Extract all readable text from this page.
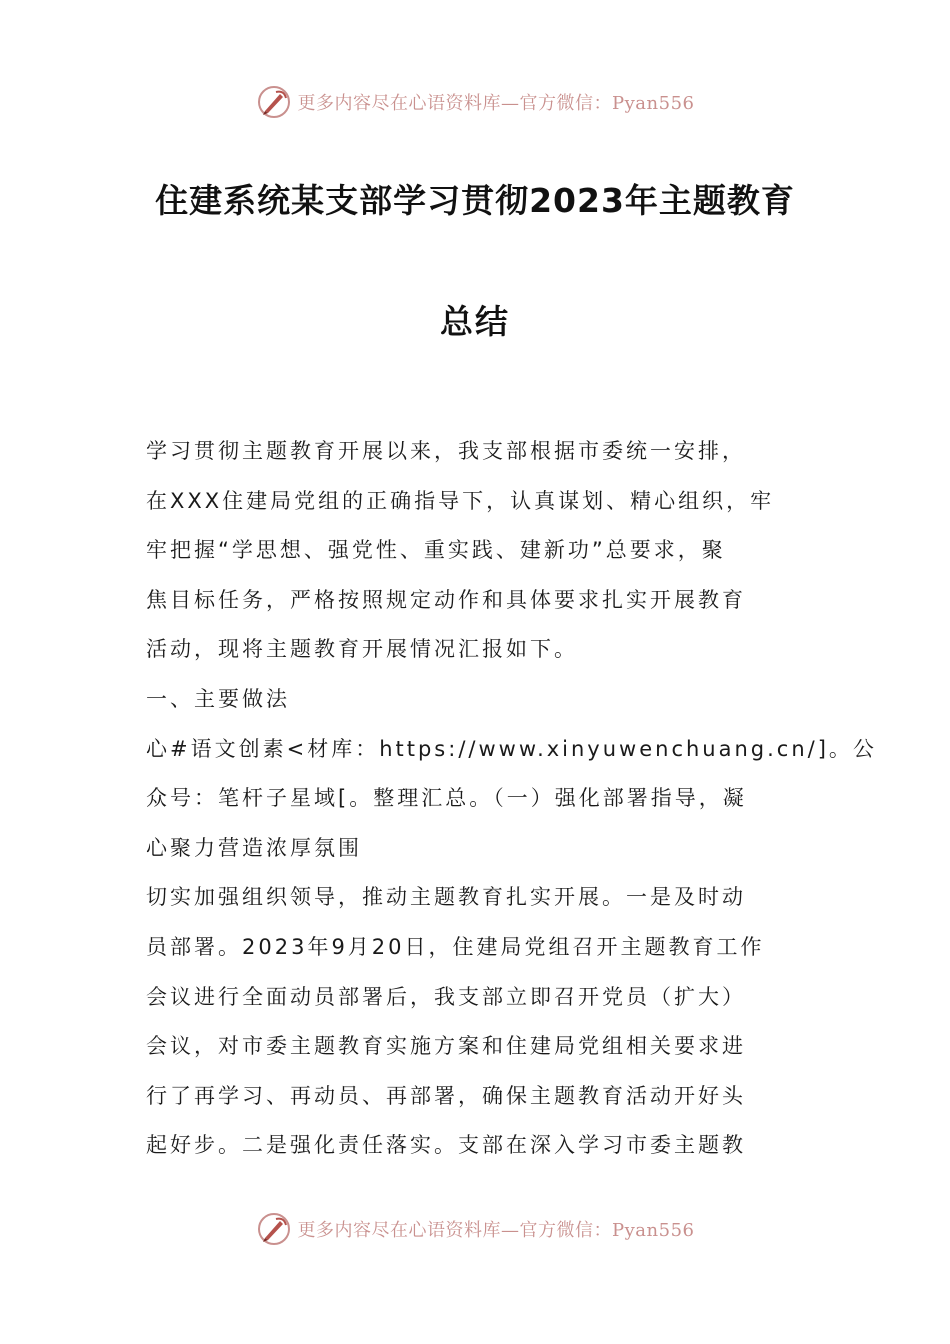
更多内容尽在心语资料库—官方微信：Pyan556
住建系统某支部学习贯彻2023年主题教育
总结

学习贯彻主题教育开展以来，我支部根据市委统一安排，

在XXX住建局党组的正确指导下，认真谋划、精心组织，牢

牢把握“学思想、强党性、重实践、建新功”总要求，聚

焦目标任务，严格按照规定动作和具体要求扎实开展教育

活动，现将主题教育开展情况汇报如下。

一、主要做法

心#语文创素<材库：https://www.xinyuwenchuang.cn/]。公

众号：笔杆子星域[。整理汇总。（一）强化部署指导，凝

心聚力营造浓厚氛围

切实加强组织领导，推动主题教育扎实开展。一是及时动

员部署。2023年9月20日，住建局党组召开主题教育工作

会议进行全面动员部署后，我支部立即召开党员（扩大）

会议，对市委主题教育实施方案和住建局党组相关要求进

行了再学习、再动员、再部署，确保主题教育活动开好头

起好步。二是强化责任落实。支部在深入学习市委主题教

更多内容尽在心语资料库—官方微信：Pyan556
